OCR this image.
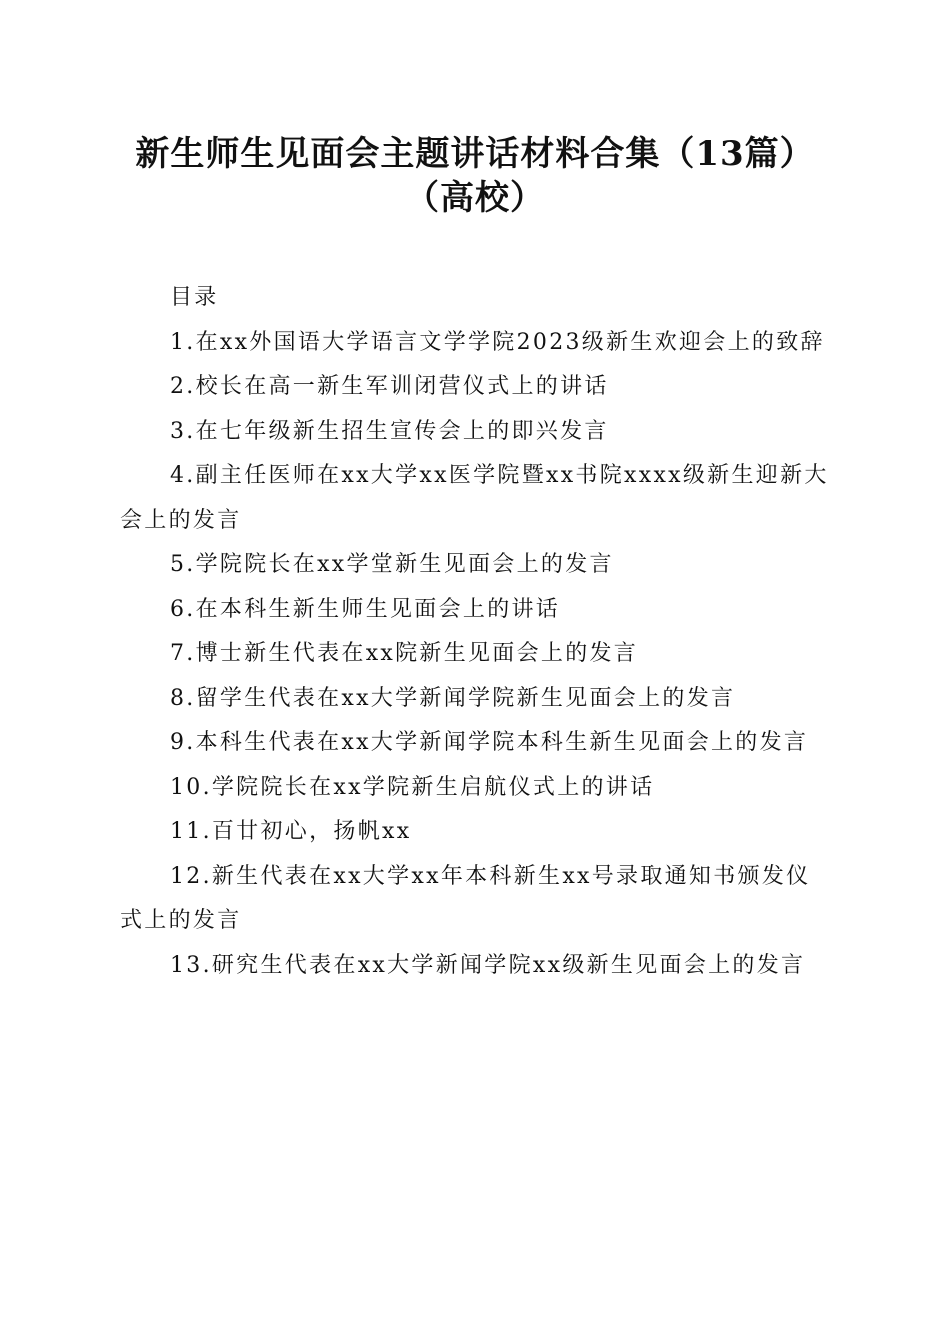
新生师生见面会主题讲话材料合集（13篇）
（高校）
目录
1.在xx外国语大学语言文学学院2023级新生欢迎会上的致辞
2.校长在高一新生军训闭营仪式上的讲话
3.在七年级新生招生宣传会上的即兴发言
4.副主任医师在xx大学xx医学院暨xx书院xxxx级新生迎新大会上的发言
5.学院院长在xx学堂新生见面会上的发言
6.在本科生新生师生见面会上的讲话
7.博士新生代表在xx院新生见面会上的发言
8.留学生代表在xx大学新闻学院新生见面会上的发言
9.本科生代表在xx大学新闻学院本科生新生见面会上的发言
10.学院院长在xx学院新生启航仪式上的讲话
11.百廿初心，扬帆xx
12.新生代表在xx大学xx年本科新生xx号录取通知书颁发仪式上的发言
13.研究生代表在xx大学新闻学院xx级新生见面会上的发言
